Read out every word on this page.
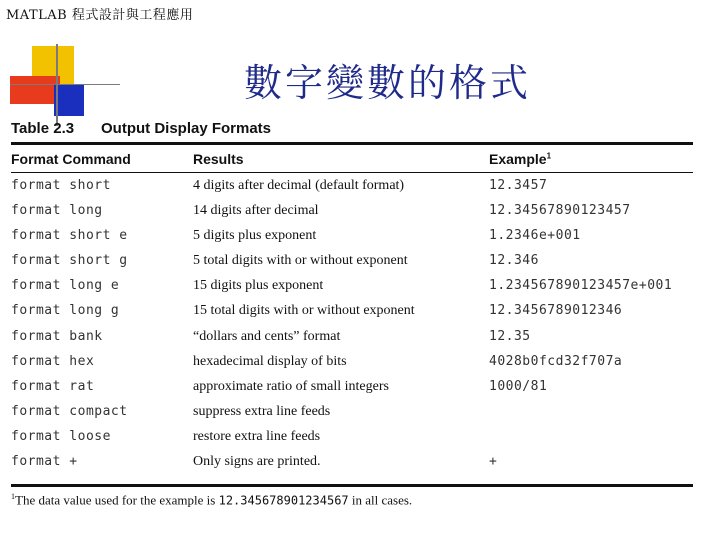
MATLAB 程式設計與工程應用
數字變數的格式
Table 2.3 Output Display Formats
Format Command	Results	Example$^1$
format short	4 digits after decimal (default format)	12.3457
format long	14 digits after decimal	12.34567890123457
format short e	5 digits plus exponent	1.2346e+001
format short g	5 total digits with or without exponent	12.346
format long e	15 digits plus exponent	1.234567890123457e+001
format long g	15 total digits with or without exponent	12.3456789012346
format bank	“dollars and cents” format	12.35
format hex	hexadecimal display of bits	4028b0fcd32f707a
format rat	approximate ratio of small integers	1000/81
format compact	suppress extra line feeds
format loose	restore extra line feeds
format +	Only signs are printed.	+
$^1$The data value used for the example is 12.345678901234567 in all cases.
